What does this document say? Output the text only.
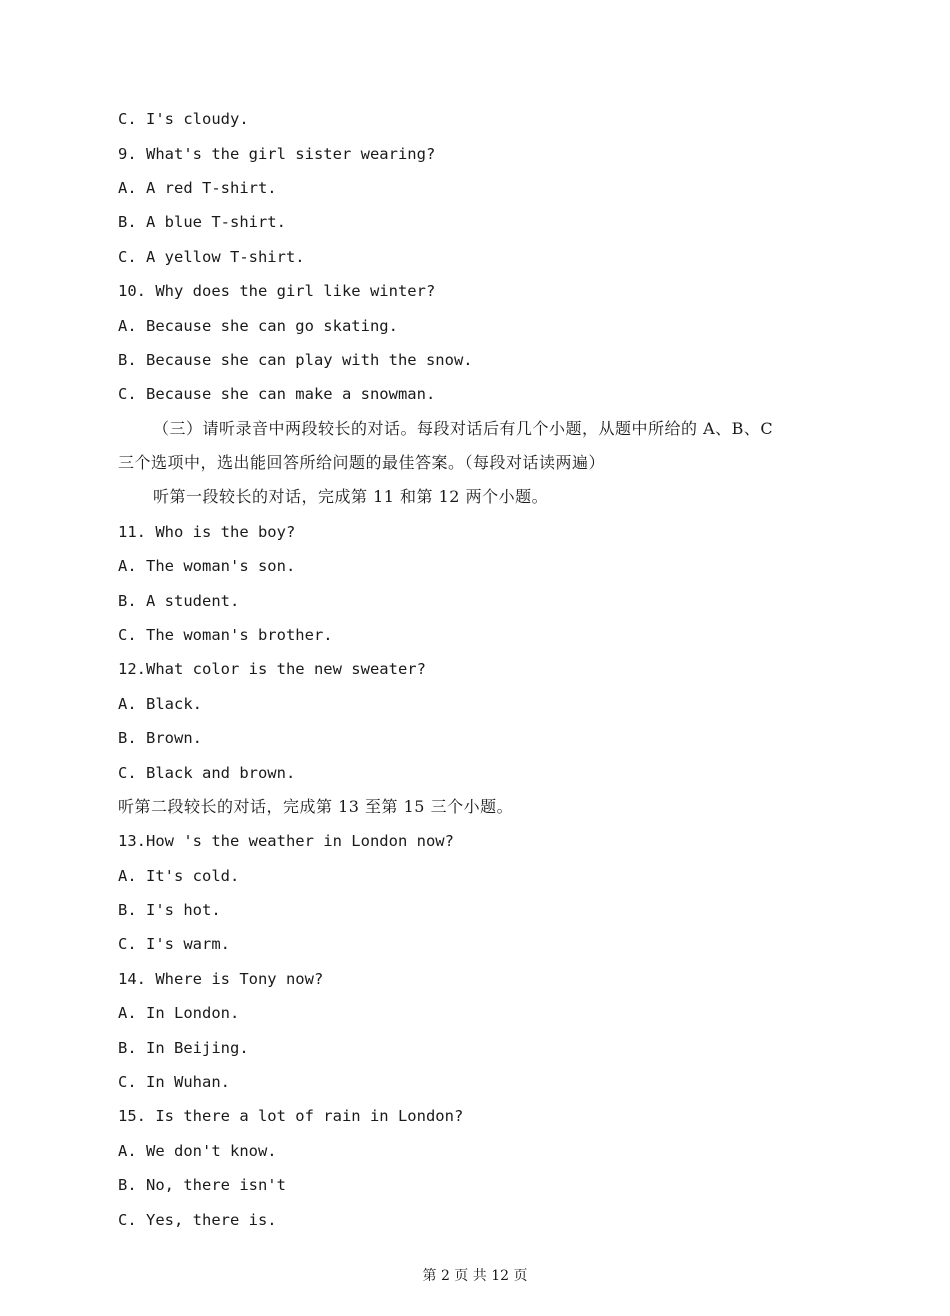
C. I's cloudy.
9. What's the girl sister wearing?
A. A red T-shirt.
B. A blue T-shirt.
C. A yellow T-shirt.
10. Why does the girl like winter?
A. Because she can go skating.
B. Because she can play with the snow.
C. Because she can make a snowman.
（三）请听录音中两段较长的对话。每段对话后有几个小题，从题中所给的 A、B、C
三个选项中，选出能回答所给问题的最佳答案。（每段对话读两遍）
听第一段较长的对话，完成第 11 和第 12 两个小题。
11. Who is the boy?
A. The woman's son.
B. A student.
C. The woman's brother.
12.What color is the new sweater?
A. Black.
B. Brown.
C. Black and brown.
听第二段较长的对话，完成第 13 至第 15 三个小题。
13.How 's the weather in London now?
A. It's cold.
B. I's hot.
C. I's warm.
14. Where is Tony now?
A. In London.
B. In Beijing.
C. In Wuhan.
15. Is there a lot of rain in London?
A. We don't know.
B. No, there isn't
C. Yes, there is.
第 2 页 共 12 页
